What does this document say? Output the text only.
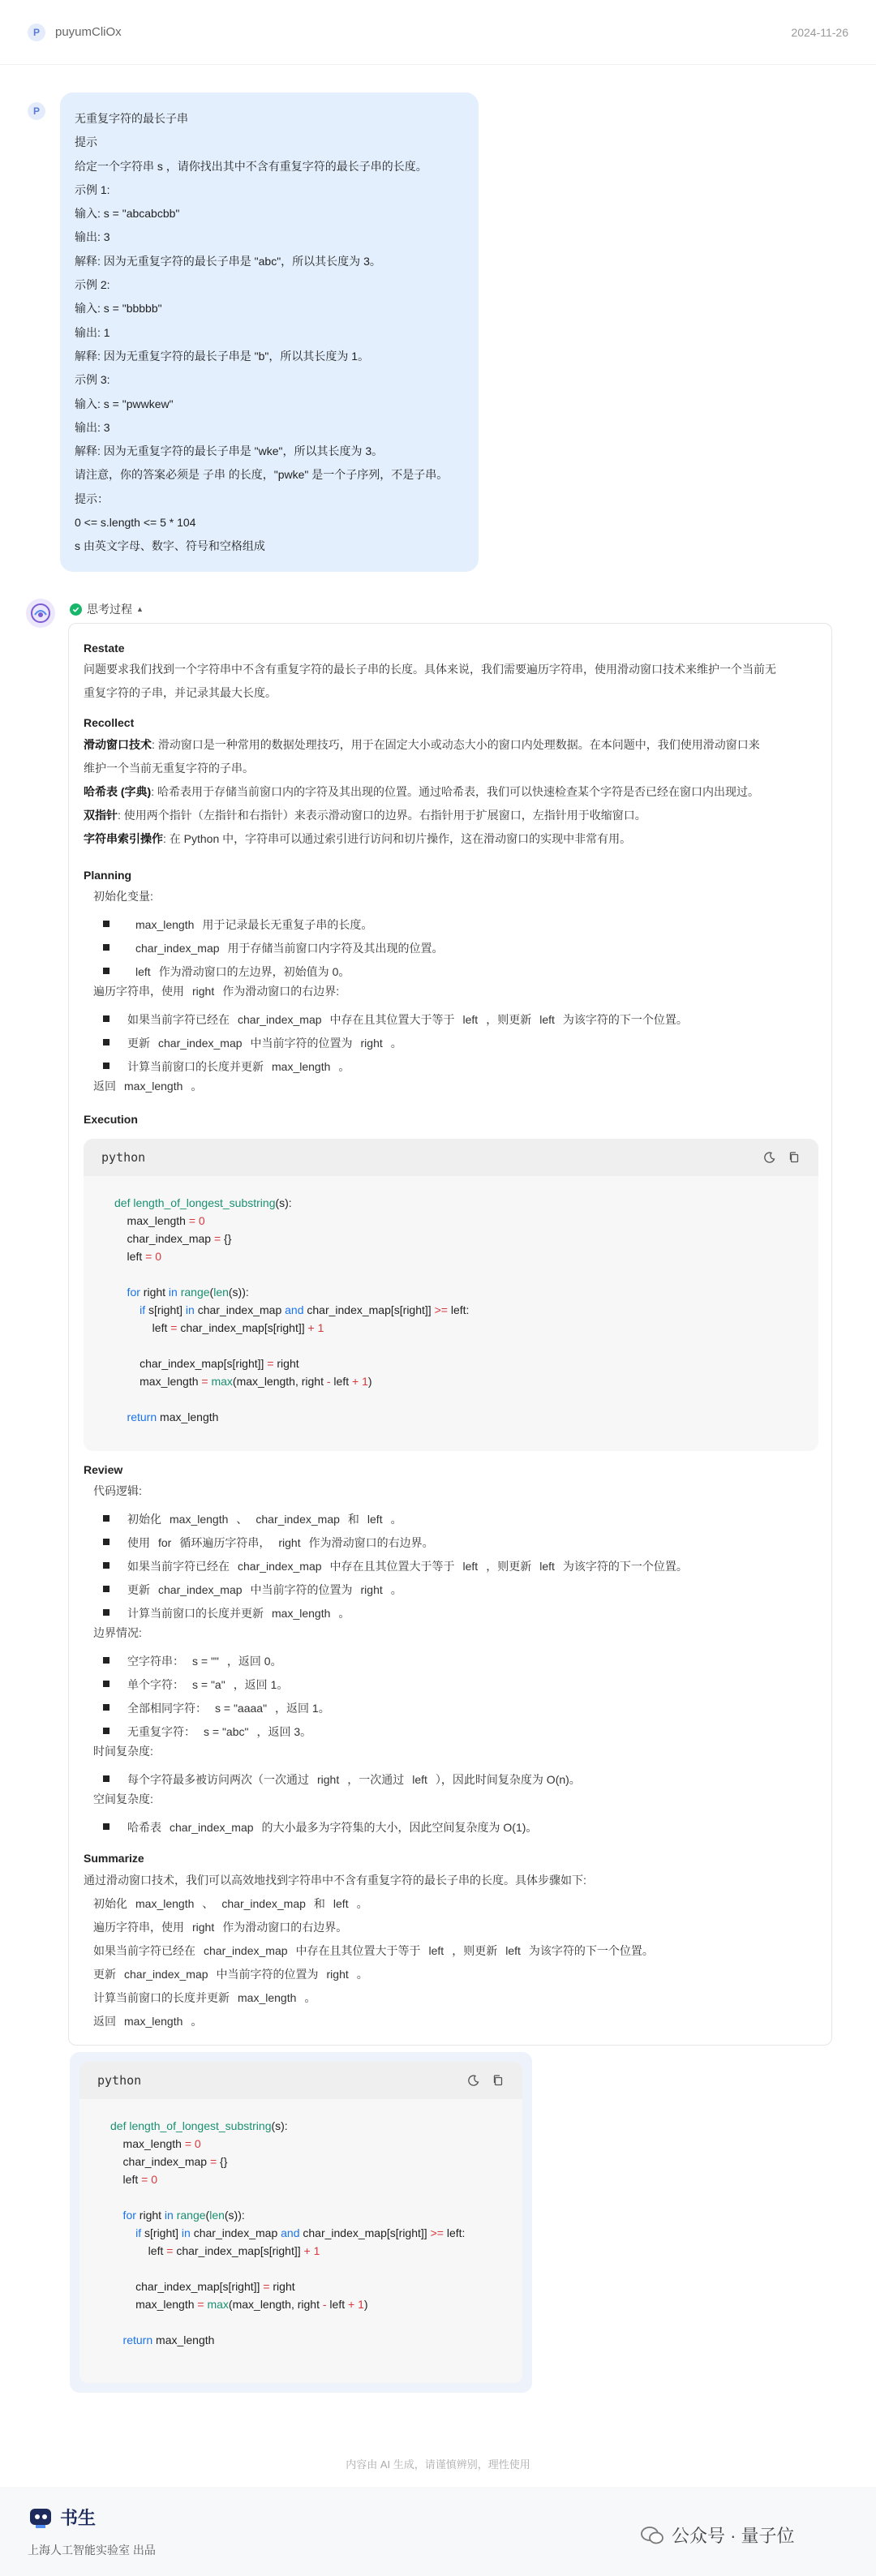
P	puyumCliOx	2024-11-26
P
无重复字符的最长子串
提示
给定一个字符串 s ，请你找出其中不含有重复字符的最长子串的长度。
示例 1:
输入: s = "abcabcbb"
输出: 3
解释: 因为无重复字符的最长子串是 "abc"，所以其长度为 3。
示例 2:
输入: s = "bbbbb"
输出: 1
解释: 因为无重复字符的最长子串是 "b"，所以其长度为 1。
示例 3:
输入: s = "pwwkew"
输出: 3
解释: 因为无重复字符的最长子串是 "wke"，所以其长度为 3。
请注意，你的答案必须是 子串 的长度，"pwke" 是一个子序列，不是子串。
提示：
0 <= s.length <= 5 * 104
s 由英文字母、数字、符号和空格组成
思考过程 ▲
Restate
问题要求我们找到一个字符串中不含有重复字符的最长子串的长度。具体来说，我们需要遍历字符串，使用滑动窗口技术来维护一个当前无
重复字符的子串，并记录其最大长度。
Recollect
滑动窗口技术: 滑动窗口是一种常用的数据处理技巧，用于在固定大小或动态大小的窗口内处理数据。在本问题中，我们使用滑动窗口来
维护一个当前无重复字符的子串。
哈希表 (字典): 哈希表用于存储当前窗口内的字符及其出现的位置。通过哈希表，我们可以快速检查某个字符是否已经在窗口内出现过。
双指针: 使用两个指针（左指针和右指针）来表示滑动窗口的边界。右指针用于扩展窗口，左指针用于收缩窗口。
字符串索引操作: 在 Python 中，字符串可以通过索引进行访问和切片操作，这在滑动窗口的实现中非常有用。
Planning
初始化变量:
max_length 用于记录最长无重复子串的长度。
char_index_map 用于存储当前窗口内字符及其出现的位置。
left 作为滑动窗口的左边界，初始值为 0。
遍历字符串，使用 right 作为滑动窗口的右边界:
如果当前字符已经在 char_index_map 中存在且其位置大于等于 left ，则更新 left 为该字符的下一个位置。
更新 char_index_map 中当前字符的位置为 right 。
计算当前窗口的长度并更新 max_length 。
返回 max_length 。
Execution
python
def length_of_longest_substring(s):
max_length = 0
char_index_map = {}
left = 0
for right in range(len(s)):
if s[right] in char_index_map and char_index_map[s[right]] >= left:
left = char_index_map[s[right]] + 1
char_index_map[s[right]] = right
max_length = max(max_length, right - left + 1)
return max_length
Review
代码逻辑:
初始化 max_length 、 char_index_map 和 left 。
使用 for 循环遍历字符串， right 作为滑动窗口的右边界。
如果当前字符已经在 char_index_map 中存在且其位置大于等于 left ，则更新 left 为该字符的下一个位置。
更新 char_index_map 中当前字符的位置为 right 。
计算当前窗口的长度并更新 max_length 。
边界情况:
空字符串： s = "" ，返回 0。
单个字符： s = "a" ，返回 1。
全部相同字符： s = "aaaa" ，返回 1。
无重复字符： s = "abc" ，返回 3。
时间复杂度:
每个字符最多被访问两次（一次通过 right ，一次通过 left ），因此时间复杂度为 O(n)。
空间复杂度:
哈希表 char_index_map 的大小最多为字符集的大小，因此空间复杂度为 O(1)。
Summarize
通过滑动窗口技术，我们可以高效地找到字符串中不含有重复字符的最长子串的长度。具体步骤如下:
初始化 max_length 、 char_index_map 和 left 。
遍历字符串，使用 right 作为滑动窗口的右边界。
如果当前字符已经在 char_index_map 中存在且其位置大于等于 left ，则更新 left 为该字符的下一个位置。
更新 char_index_map 中当前字符的位置为 right 。
计算当前窗口的长度并更新 max_length 。
返回 max_length 。
python
def length_of_longest_substring(s):
max_length = 0
char_index_map = {}
left = 0
for right in range(len(s)):
if s[right] in char_index_map and char_index_map[s[right]] >= left:
left = char_index_map[s[right]] + 1
char_index_map[s[right]] = right
max_length = max(max_length, right - left + 1)
return max_length
内容由 AI 生成，请谨慎辨别，理性使用
书生
上海人工智能实验室 出品
公众号 · 量子位
